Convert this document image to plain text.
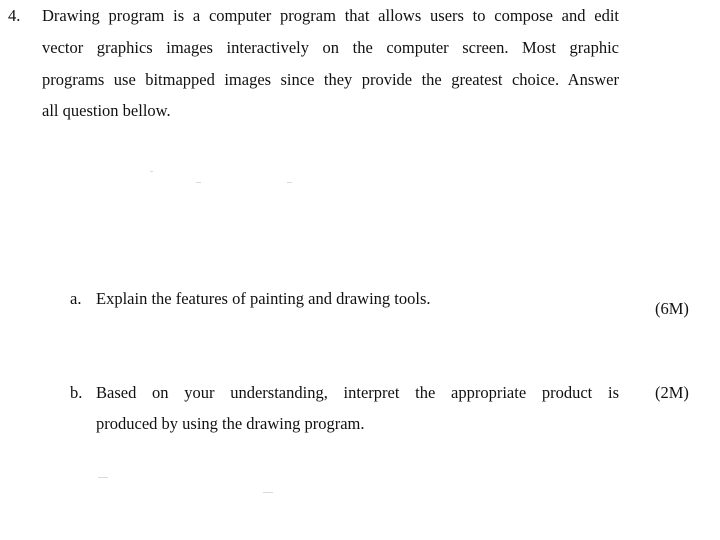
4. Drawing program is a computer program that allows users to compose and edit

vector graphics images interactively on the computer screen. Most graphic

programs use bitmapped images since they provide the greatest choice. Answer

all question bellow.

a. Explain the features of painting and drawing tools.

(6M)

b. Based on your understanding, interpret the appropriate product is

produced by using the drawing program.

(2M)
